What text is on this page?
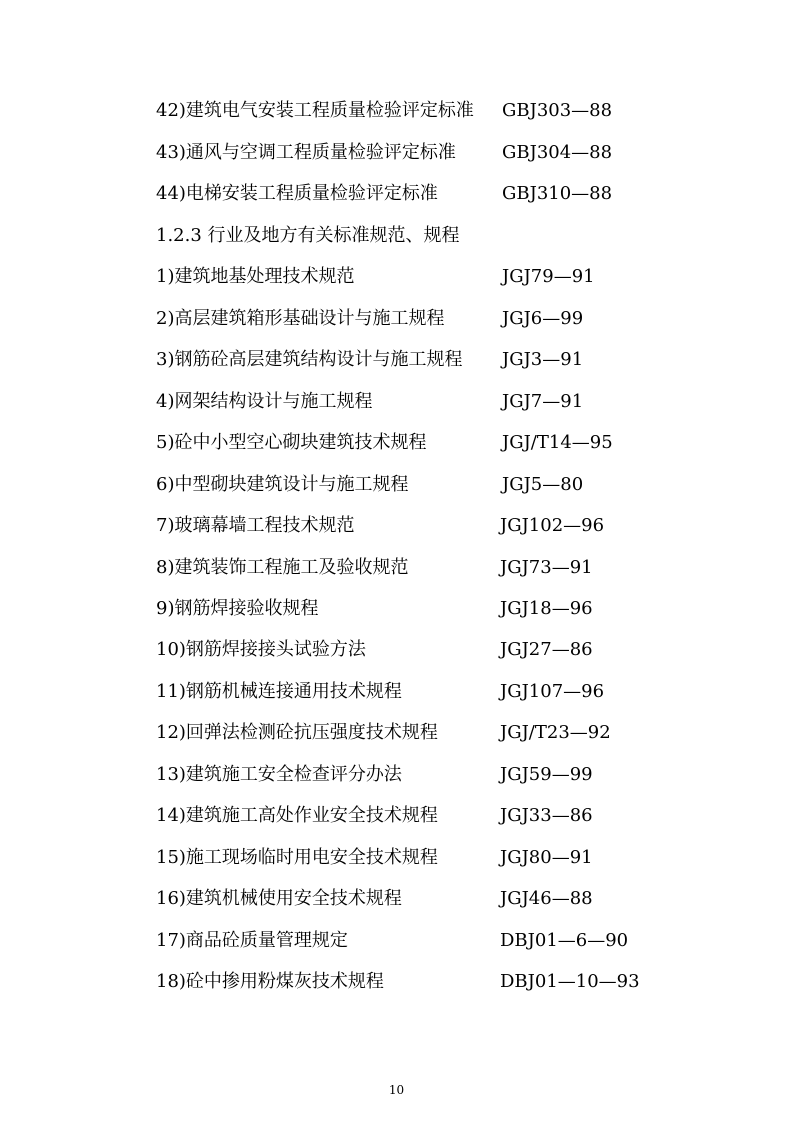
42)建筑电气安装工程质量检验评定标准 GBJ303—88
43)通风与空调工程质量检验评定标准	GBJ304—88
44)电梯安装工程质量检验评定标准	GBJ310—88
1.2.3 行业及地方有关标准规范、规程
1)建筑地基处理技术规范	JGJ79—91
2)高层建筑箱形基础设计与施工规程	JGJ6—99
3)钢筋砼高层建筑结构设计与施工规程 JGJ3—91
4)网架结构设计与施工规程	JGJ7—91
5)砼中小型空心砌块建筑技术规程	JGJ/T14—95
6)中型砌块建筑设计与施工规程	JGJ5—80
7)玻璃幕墙工程技术规范	JGJ102—96
8)建筑装饰工程施工及验收规范	JGJ73—91
9)钢筋焊接验收规程	JGJ18—96
10)钢筋焊接接头试验方法	JGJ27—86
11)钢筋机械连接通用技术规程	JGJ107—96
12)回弹法检测砼抗压强度技术规程	JGJ/T23—92
13)建筑施工安全检查评分办法	JGJ59—99
14)建筑施工高处作业安全技术规程	JGJ33—86
15)施工现场临时用电安全技术规程	JGJ80—91
16)建筑机械使用安全技术规程	JGJ46—88
17)商品砼质量管理规定	DBJ01—6—90
18)砼中掺用粉煤灰技术规程	DBJ01—10—93
10
